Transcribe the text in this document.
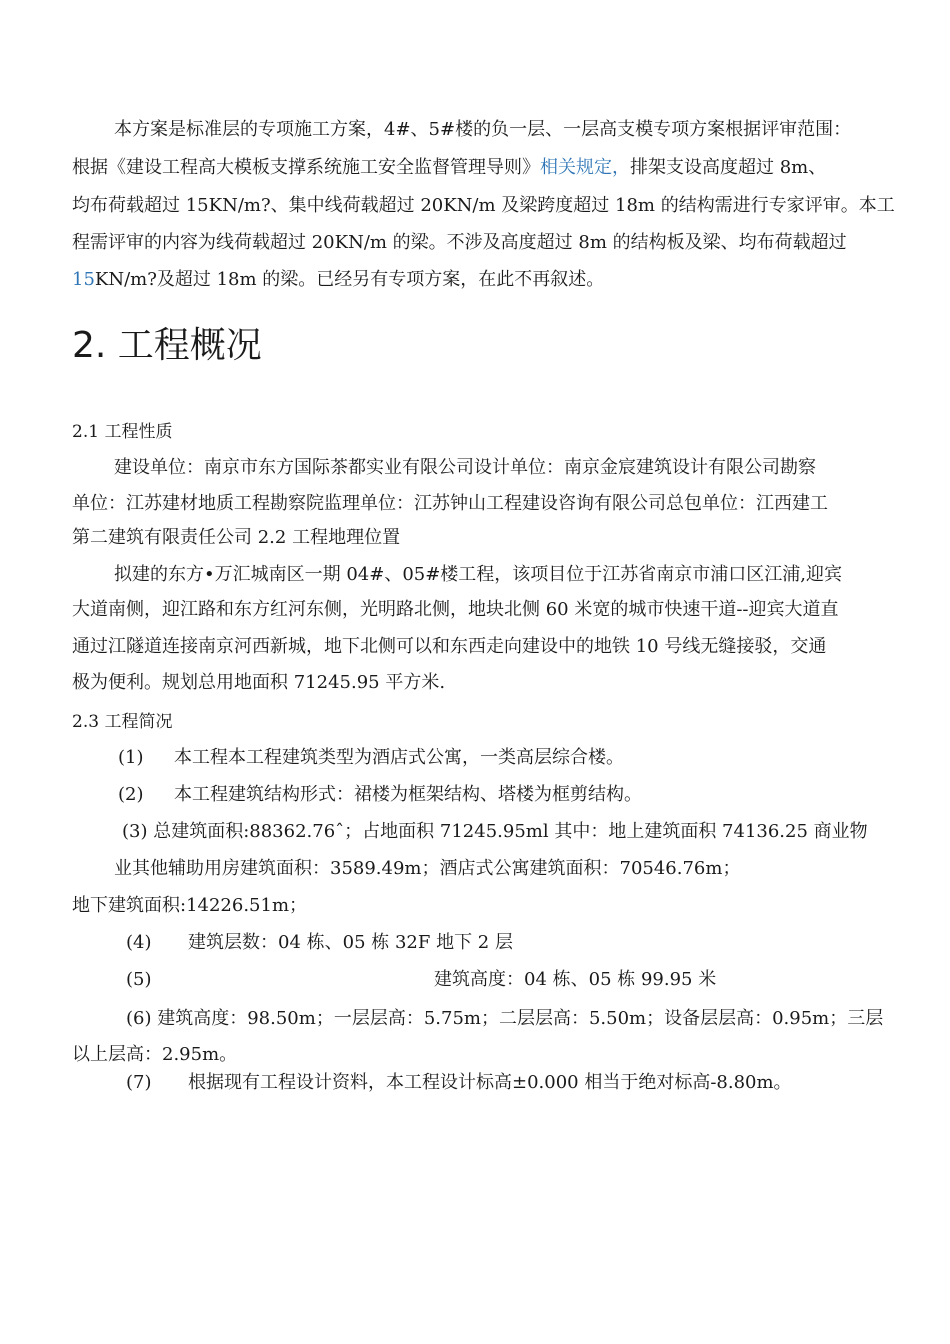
本方案是标准层的专项施工方案，4#、5#楼的负一层、一层高支模专项方案根据评审范围：
根据《建设工程高大模板支撑系统施工安全监督管理导则》相关规定，排架支设高度超过 8m、
均布荷载超过 15KN/m?、集中线荷载超过 20KN/m 及梁跨度超过 18m 的结构需进行专家评审。本工
程需评审的内容为线荷载超过 20KN/m 的梁。不涉及高度超过 8m 的结构板及梁、均布荷载超过
15KN/m?及超过 18m 的梁。已经另有专项方案，在此不再叙述。
2. 工程概况
2.1 工程性质
建设单位：南京市东方国际茶都实业有限公司设计单位：南京金宸建筑设计有限公司勘察
单位：江苏建材地质工程勘察院监理单位：江苏钟山工程建设咨询有限公司总包单位：江西建工
第二建筑有限责任公司 2.2 工程地理位置
拟建的东方•万汇城南区一期 04#、05#楼工程，该项目位于江苏省南京市浦口区江浦,迎宾
大道南侧，迎江路和东方红河东侧，光明路北侧，地块北侧 60 米宽的城市快速干道--迎宾大道直
通过江隧道连接南京河西新城，地下北侧可以和东西走向建设中的地铁 10 号线无缝接驳，交通
极为便利。规划总用地面积 71245.95 平方米.
2.3 工程简况
(1) 本工程本工程建筑类型为酒店式公寓，一类高层综合楼。
(2) 本工程建筑结构形式：裙楼为框架结构、塔楼为框剪结构。
(3) 总建筑面积:88362.76ˆ；占地面积 71245.95ml 其中：地上建筑面积 74136.25 商业物
业其他辅助用房建筑面积：3589.49m；酒店式公寓建筑面积：70546.76m；
地下建筑面积:14226.51m；
(4) 建筑层数：04 栋、05 栋 32F 地下 2 层
(5)	建筑高度：04 栋、05 栋 99.95 米
(6) 建筑高度：98.50m；一层层高：5.75m；二层层高：5.50m；设备层层高：0.95m；三层
以上层高：2.95m。
(7) 根据现有工程设计资料，本工程设计标高±0.000 相当于绝对标高-8.80m。
